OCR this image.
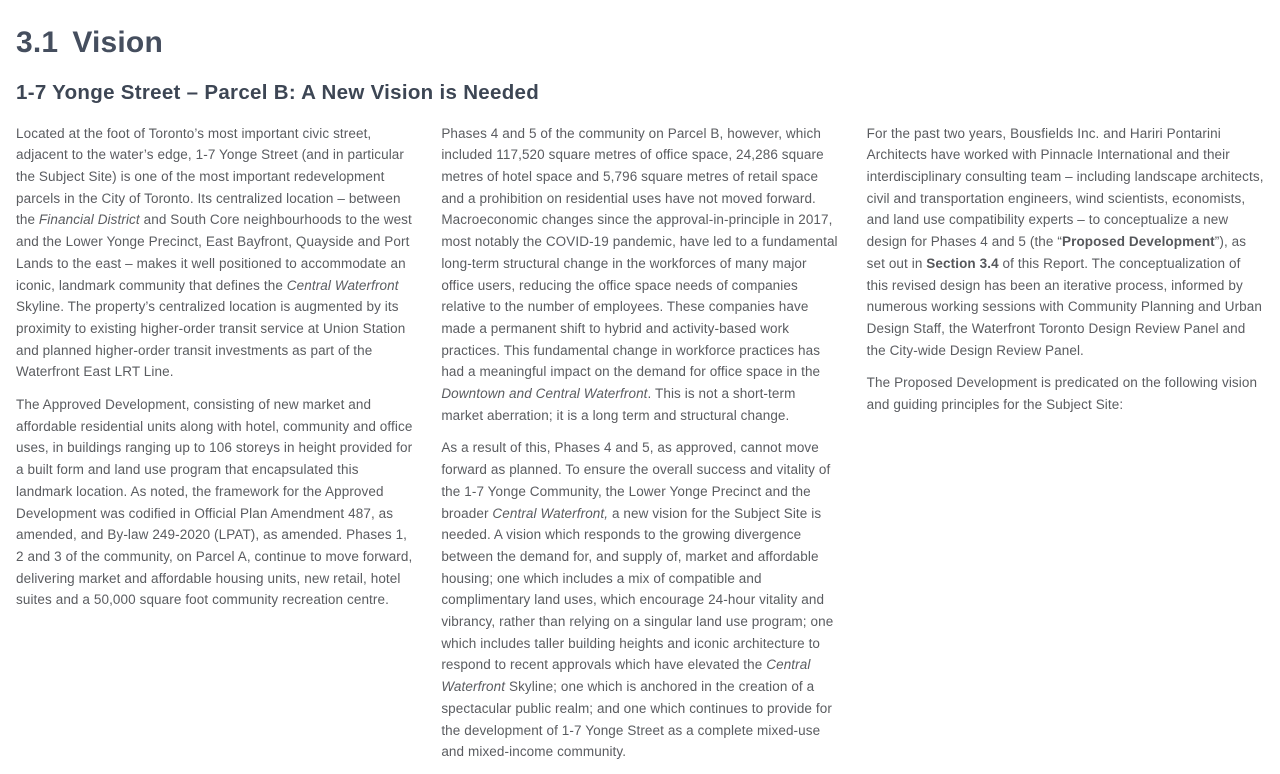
3.1 Vision
1-7 Yonge Street – Parcel B: A New Vision is Needed

Located at the foot of Toronto’s most important civic street, adjacent to the water’s edge, 1-7 Yonge Street (and in particular the Subject Site) is one of the most important redevelopment parcels in the City of Toronto. Its centralized location – between the Financial District and South Core neighbourhoods to the west and the Lower Yonge Precinct, East Bayfront, Quayside and Port Lands to the east – makes it well positioned to accommodate an iconic, landmark community that defines the Central Waterfront Skyline. The property’s centralized location is augmented by its proximity to existing higher-order transit service at Union Station and planned higher-order transit investments as part of the Waterfront East LRT Line.

The Approved Development, consisting of new market and affordable residential units along with hotel, community and office uses, in buildings ranging up to 106 storeys in height provided for a built form and land use program that encapsulated this landmark location. As noted, the framework for the Approved Development was codified in Official Plan Amendment 487, as amended, and By-law 249-2020 (LPAT), as amended. Phases 1, 2 and 3 of the community, on Parcel A, continue to move forward, delivering market and affordable housing units, new retail, hotel suites and a 50,000 square foot community recreation centre.

Phases 4 and 5 of the community on Parcel B, however, which included 117,520 square metres of office space, 24,286 square metres of hotel space and 5,796 square metres of retail space and a prohibition on residential uses have not moved forward. Macroeconomic changes since the approval-in-principle in 2017, most notably the COVID-19 pandemic, have led to a fundamental long-term structural change in the workforces of many major office users, reducing the office space needs of companies relative to the number of employees. These companies have made a permanent shift to hybrid and activity-based work practices. This fundamental change in workforce practices has had a meaningful impact on the demand for office space in the Downtown and Central Waterfront. This is not a short-term market aberration; it is a long term and structural change.

As a result of this, Phases 4 and 5, as approved, cannot move forward as planned. To ensure the overall success and vitality of the 1-7 Yonge Community, the Lower Yonge Precinct and the broader Central Waterfront, a new vision for the Subject Site is needed. A vision which responds to the growing divergence between the demand for, and supply of, market and affordable housing; one which includes a mix of compatible and complimentary land uses, which encourage 24-hour vitality and vibrancy, rather than relying on a singular land use program; one which includes taller building heights and iconic architecture to respond to recent approvals which have elevated the Central Waterfront Skyline; one which is anchored in the creation of a spectacular public realm; and one which continues to provide for the development of 1-7 Yonge Street as a complete mixed-use and mixed-income community.

For the past two years, Bousfields Inc. and Hariri Pontarini Architects have worked with Pinnacle International and their interdisciplinary consulting team – including landscape architects, civil and transportation engineers, wind scientists, economists, and land use compatibility experts – to conceptualize a new design for Phases 4 and 5 (the “Proposed Development”), as set out in Section 3.4 of this Report. The conceptualization of this revised design has been an iterative process, informed by numerous working sessions with Community Planning and Urban Design Staff, the Waterfront Toronto Design Review Panel and the City-wide Design Review Panel.

The Proposed Development is predicated on the following vision and guiding principles for the Subject Site:
